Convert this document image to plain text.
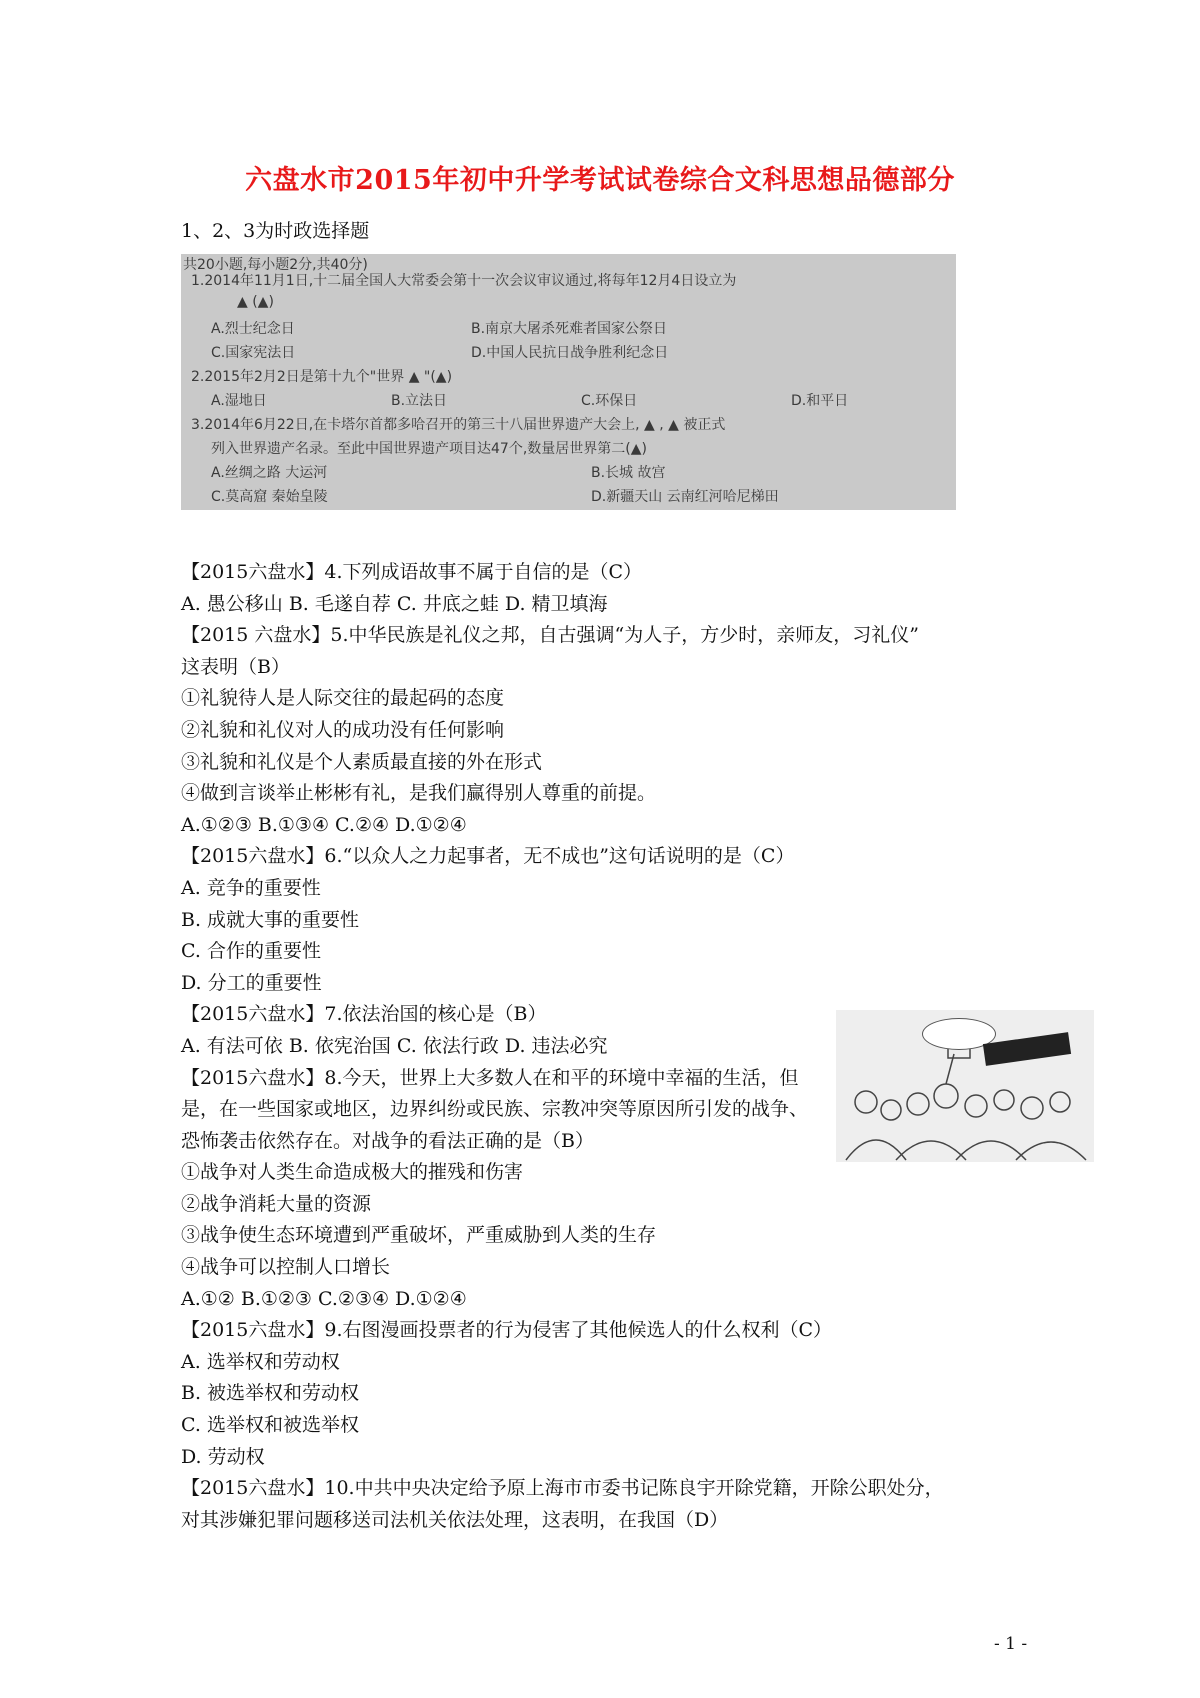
六盘水市2015年初中升学考试试卷综合文科思想品德部分
1、2、3为时政选择题
共20小题,每小题2分,共40分)
1.2014年11月1日,十二届全国人大常委会第十一次会议审议通过,将每年12月4日设立为
▲ (▲)
A.烈士纪念日	B.南京大屠杀死难者国家公祭日
C.国家宪法日	D.中国人民抗日战争胜利纪念日
2.2015年2月2日是第十九个"世界 ▲ "(▲)
A.湿地日	B.立法日	C.环保日	D.和平日
3.2014年6月22日,在卡塔尔首都多哈召开的第三十八届世界遗产大会上, ▲ , ▲ 被正式
列入世界遗产名录。至此中国世界遗产项目达47个,数量居世界第二(▲)
A.丝绸之路 大运河	B.长城 故宫
C.莫高窟 秦始皇陵	D.新疆天山 云南红河哈尼梯田
【2015六盘水】4.下列成语故事不属于自信的是（C）
A. 愚公移山 B. 毛遂自荐 C. 井底之蛙 D. 精卫填海
【2015 六盘水】5.中华民族是礼仪之邦，自古强调“为人子，方少时，亲师友，习礼仪”
这表明（B）
①礼貌待人是人际交往的最起码的态度
②礼貌和礼仪对人的成功没有任何影响
③礼貌和礼仪是个人素质最直接的外在形式
④做到言谈举止彬彬有礼，是我们赢得别人尊重的前提。
A.①②③ B.①③④ C.②④ D.①②④
【2015六盘水】6.“以众人之力起事者，无不成也”这句话说明的是（C）
A. 竞争的重要性
B. 成就大事的重要性
C. 合作的重要性
D. 分工的重要性
【2015六盘水】7.依法治国的核心是（B）
A. 有法可依 B. 依宪治国 C. 依法行政 D. 违法必究
【2015六盘水】8.今天，世界上大多数人在和平的环境中幸福的生活，但是，在一些国家或地区，边界纠纷或民族、宗教冲突等原因所引发的战争、恐怖袭击依然存在。对战争的看法正确的是（B）
①战争对人类生命造成极大的摧残和伤害
②战争消耗大量的资源
③战争使生态环境遭到严重破坏，严重威胁到人类的生存
④战争可以控制人口增长
A.①② B.①②③ C.②③④ D.①②④
【2015六盘水】9.右图漫画投票者的行为侵害了其他候选人的什么权利（C）
A. 选举权和劳动权
B. 被选举权和劳动权
C. 选举权和被选举权
D. 劳动权
【2015六盘水】10.中共中央决定给予原上海市市委书记陈良宇开除党籍，开除公职处分，
对其涉嫌犯罪问题移送司法机关依法处理，这表明，在我国（D）
- 1 -
